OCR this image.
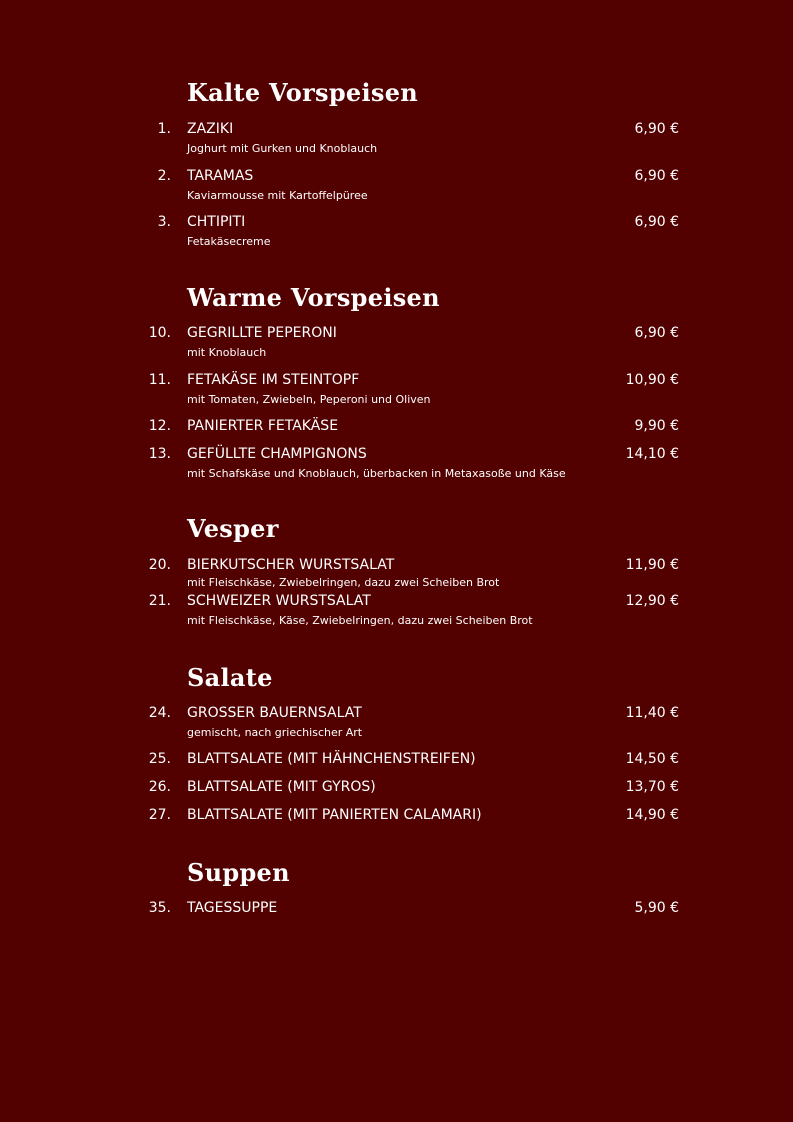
Kalte Vorspeisen
1. ZAZIKI	6,90 €
Joghurt mit Gurken und Knoblauch
2. TARAMAS	6,90 €
Kaviarmousse mit Kartoffelpüree
3. CHTIPITI	6,90 €
Fetakäsecreme
Warme Vorspeisen
10. GEGRILLTE PEPERONI	6,90 €
mit Knoblauch
11. FETAKÄSE IM STEINTOPF	10,90 €
mit Tomaten, Zwiebeln, Peperoni und Oliven
12. PANIERTER FETAKÄSE	9,90 €
13. GEFÜLLTE CHAMPIGNONS	14,10 €
mit Schafskäse und Knoblauch, überbacken in Metaxasoße und Käse
Vesper
20. BIERKUTSCHER WURSTSALAT	11,90 €
mit Fleischkäse, Zwiebelringen, dazu zwei Scheiben Brot
21. SCHWEIZER WURSTSALAT	12,90 €
mit Fleischkäse, Käse, Zwiebelringen, dazu zwei Scheiben Brot
Salate
24. GROSSER BAUERNSALAT	11,40 €
gemischt, nach griechischer Art
25. BLATTSALATE (MIT HÄHNCHENSTREIFEN)	14,50 €
26. BLATTSALATE (MIT GYROS)	13,70 €
27. BLATTSALATE (MIT PANIERTEN CALAMARI)	14,90 €
Suppen
35. TAGESSUPPE	5,90 €
